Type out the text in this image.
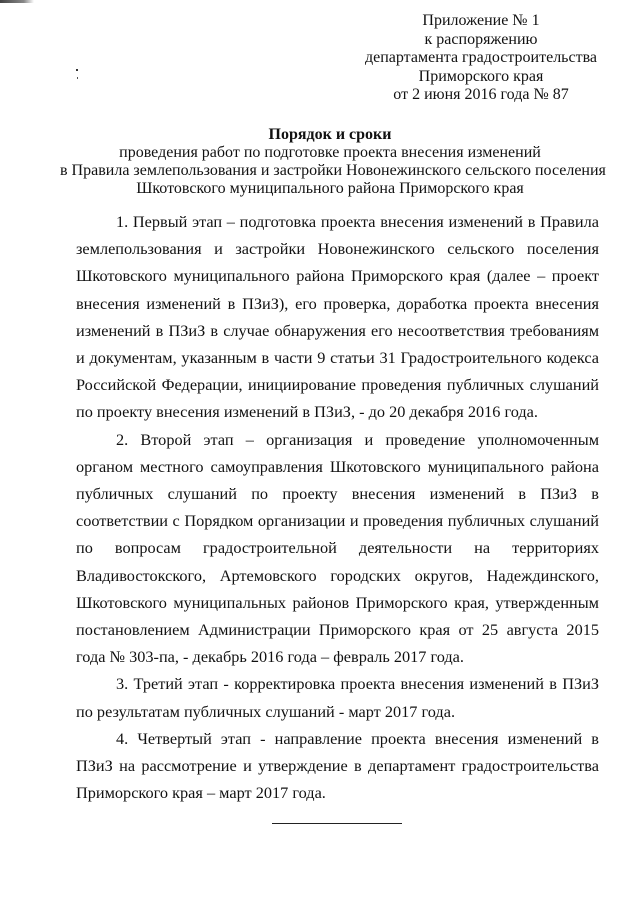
Приложение № 1
к распоряжению
департамента градостроительства
Приморского края
от 2 июня 2016 года № 87
Порядок и сроки
проведения работ по подготовке проекта внесения изменений
в Правила землепользования и застройки Новонежинского сельского поселения
Шкотовского муниципального района Приморского края

1. Первый этап – подготовка проекта внесения изменений в Правила землепользования и застройки Новонежинского сельского поселения Шкотовского муниципального района Приморского края (далее – проект внесения изменений в ПЗиЗ), его проверка, доработка проекта внесения изменений в ПЗиЗ в случае обнаружения его несоответствия требованиям и документам, указанным в части 9 статьи 31 Градостроительного кодекса Российской Федерации, инициирование проведения публичных слушаний по проекту внесения изменений в ПЗиЗ, - до 20 декабря 2016 года.

2. Второй этап – организация и проведение уполномоченным органом местного самоуправления Шкотовского муниципального района публичных слушаний по проекту внесения изменений в ПЗиЗ в соответствии с Порядком организации и проведения публичных слушаний по вопросам градостроительной деятельности на территориях Владивостокского, Артемовского городских округов, Надеждинского, Шкотовского муниципальных районов Приморского края, утвержденным постановлением Администрации Приморского края от 25 августа 2015 года № 303-па, - декабрь 2016 года – февраль 2017 года.

3. Третий этап - корректировка проекта внесения изменений в ПЗиЗ по результатам публичных слушаний - март 2017 года.

4. Четвертый этап - направление проекта внесения изменений в ПЗиЗ на рассмотрение и утверждение в департамент градостроительства Приморского края – март 2017 года.
